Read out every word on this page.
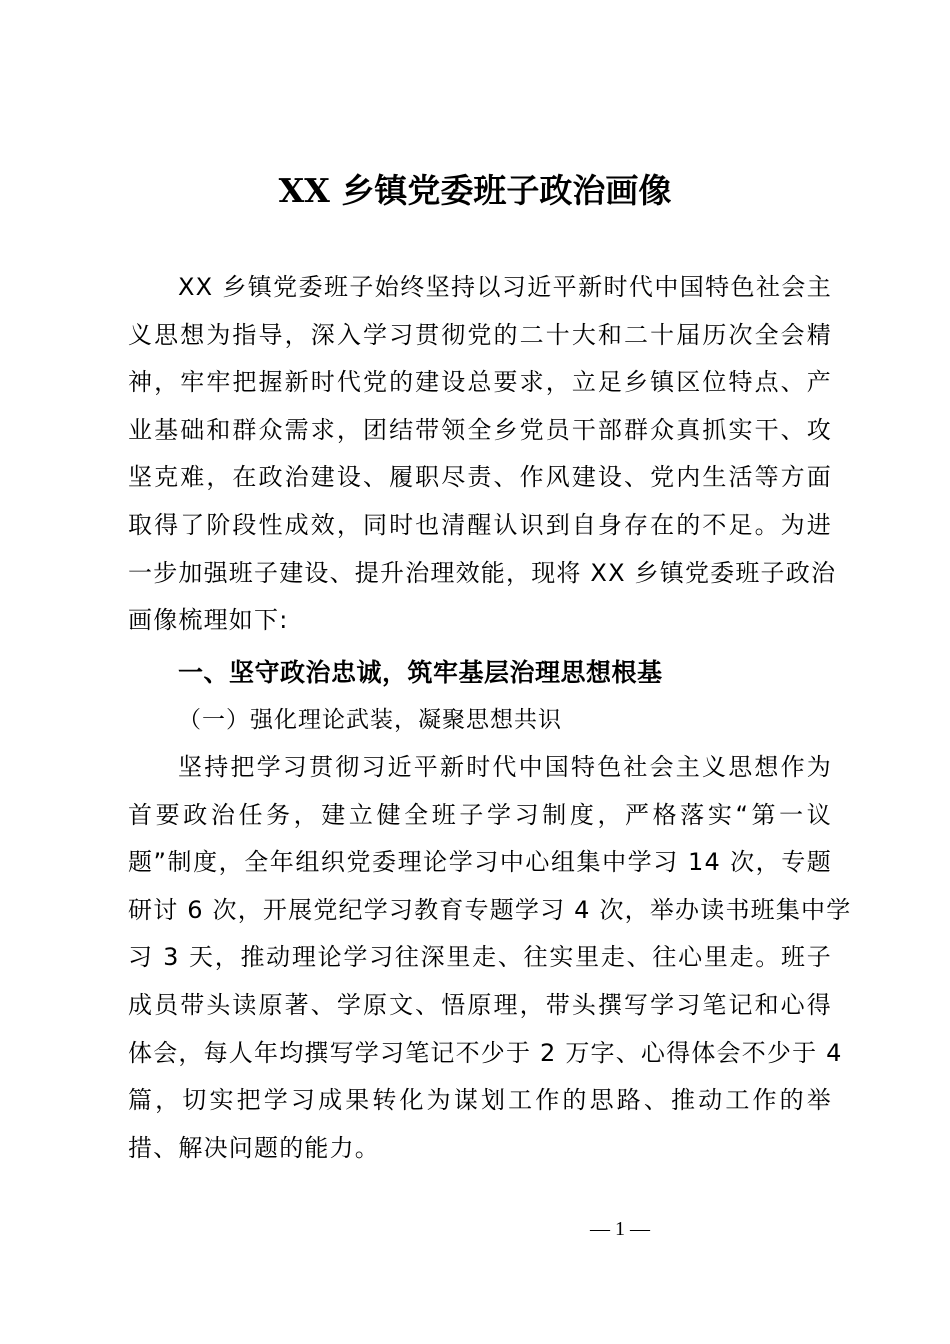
XX 乡镇党委班子政治画像
XX 乡镇党委班子始终坚持以习近平新时代中国特色社会主
义思想为指导，深入学习贯彻党的二十大和二十届历次全会精
神，牢牢把握新时代党的建设总要求，立足乡镇区位特点、产
业基础和群众需求，团结带领全乡党员干部群众真抓实干、攻
坚克难，在政治建设、履职尽责、作风建设、党内生活等方面
取得了阶段性成效，同时也清醒认识到自身存在的不足。为进
一步加强班子建设、提升治理效能，现将 XX 乡镇党委班子政治
画像梳理如下:
一、坚守政治忠诚，筑牢基层治理思想根基
（一）强化理论武装，凝聚思想共识
坚持把学习贯彻习近平新时代中国特色社会主义思想作为
首要政治任务，建立健全班子学习制度，严格落实“第一议
题”制度，全年组织党委理论学习中心组集中学习 14 次，专题
研讨 6 次，开展党纪学习教育专题学习 4 次，举办读书班集中学
习 3 天，推动理论学习往深里走、往实里走、往心里走。班子
成员带头读原著、学原文、悟原理，带头撰写学习笔记和心得
体会，每人年均撰写学习笔记不少于 2 万字、心得体会不少于 4
篇，切实把学习成果转化为谋划工作的思路、推动工作的举
措、解决问题的能力。
— 1 —
